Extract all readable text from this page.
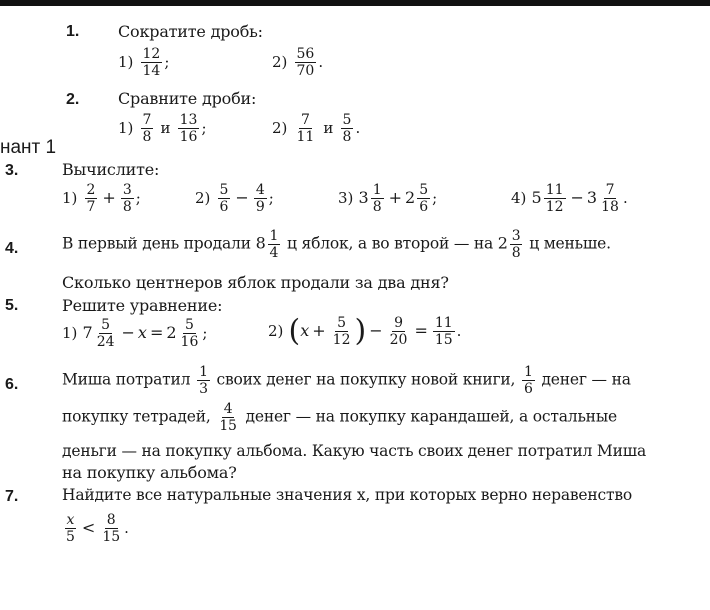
нант 1
1. Сократите дробь:
$1) \frac{12}{14}$ ;	$2) \frac{56}{70}$ .
2. Сравните дроби:
$1) \frac{7}{8}$ и $\frac{13}{16}$ ;	$2) \frac{7}{11}$ и $\frac{5}{8}$ .
3.	Вычислите:
$1) \frac{2}{7} + \frac{3}{8}$ ;	$2) \frac{5}{6} - \frac{4}{9}$ ;	3) $3 \frac{1}{8} + 2 \frac{5}{6}$ ;	4) $5 \frac{11}{12} - 3 \frac{7}{18}$ .
4.	В первый день продали $8 \frac{1}{4}$ ц яблок, а во второй — на $2 \frac{3}{8}$ ц меньше.
Сколько центнеров яблок продали за два дня?
5.	Решите уравнение:
1) $7 \frac{5}{24} - x = 2 \frac{5}{16}$ ;	2) ($x + \frac{5}{12}$ ) − $\frac{9}{20} = \frac{11}{15}$ .
6.	Миша потратил $\frac{1}{3}$ своих денег на покупку новой книги, $\frac{1}{6}$ денег — на
покупку тетрадей, $\frac{4}{15}$ денег — на покупку карандашей, а остальные
деньги — на покупку альбома. Какую часть своих денег потратил Миша
на покупку альбома?
7.	Найдите все натуральные значения x, при которых верно неравенство
$\frac{x}{5} < \frac{8}{15}$ .
